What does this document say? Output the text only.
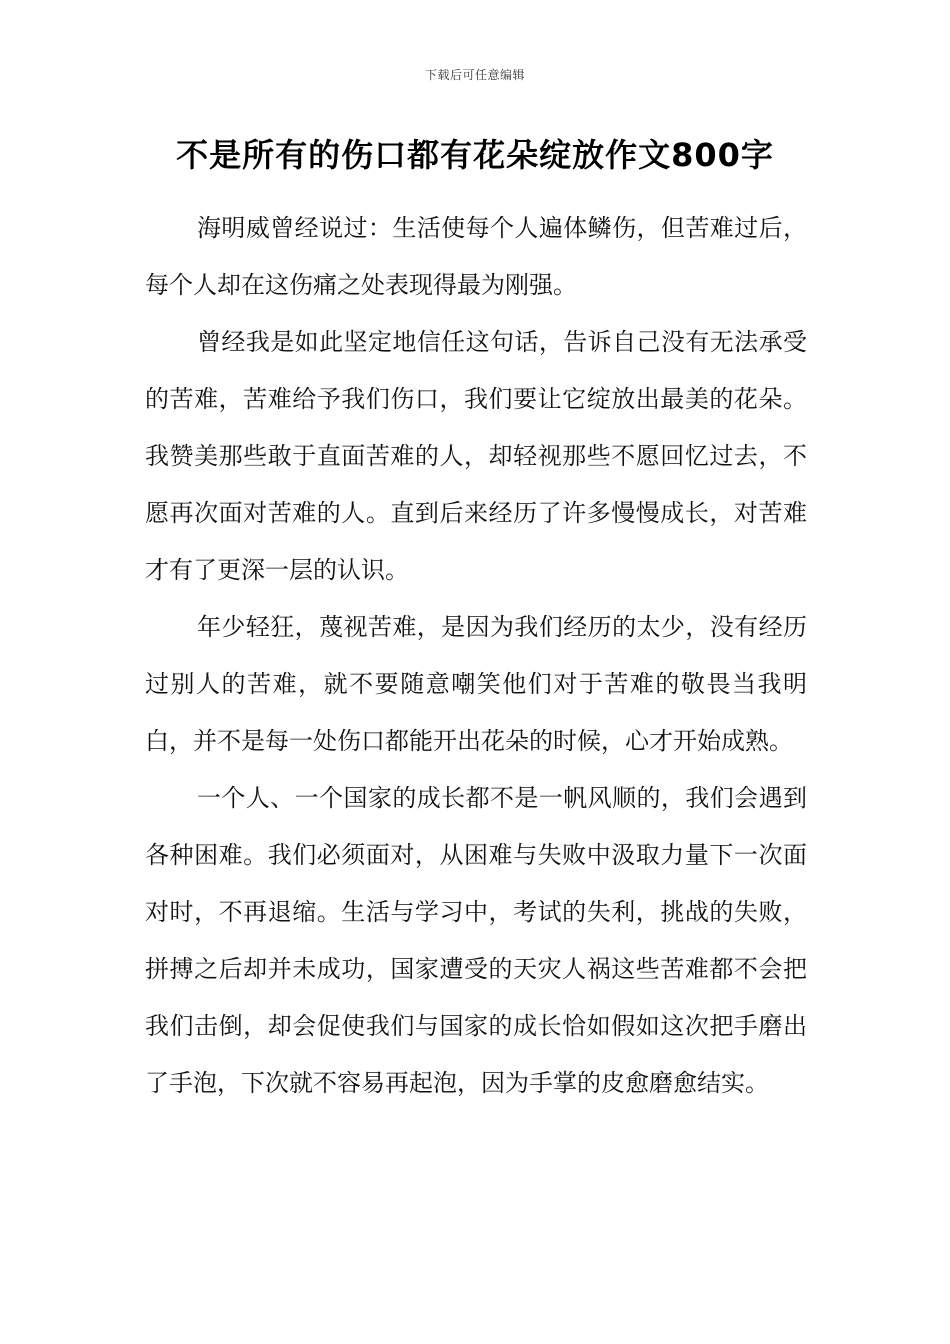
下载后可任意编辑
不是所有的伤口都有花朵绽放作文800字

海明威曾经说过：生活使每个人遍体鳞伤，但苦难过后，每个人却在这伤痛之处表现得最为刚强。

曾经我是如此坚定地信任这句话，告诉自己没有无法承受的苦难，苦难给予我们伤口，我们要让它绽放出最美的花朵。我赞美那些敢于直面苦难的人，却轻视那些不愿回忆过去，不愿再次面对苦难的人。直到后来经历了许多慢慢成长，对苦难才有了更深一层的认识。

年少轻狂，蔑视苦难，是因为我们经历的太少，没有经历过别人的苦难，就不要随意嘲笑他们对于苦难的敬畏当我明白，并不是每一处伤口都能开出花朵的时候，心才开始成熟。

一个人、一个国家的成长都不是一帆风顺的，我们会遇到各种困难。我们必须面对，从困难与失败中汲取力量下一次面对时，不再退缩。生活与学习中，考试的失利，挑战的失败，拼搏之后却并未成功，国家遭受的天灾人祸这些苦难都不会把我们击倒，却会促使我们与国家的成长恰如假如这次把手磨出了手泡，下次就不容易再起泡，因为手掌的皮愈磨愈结实。
